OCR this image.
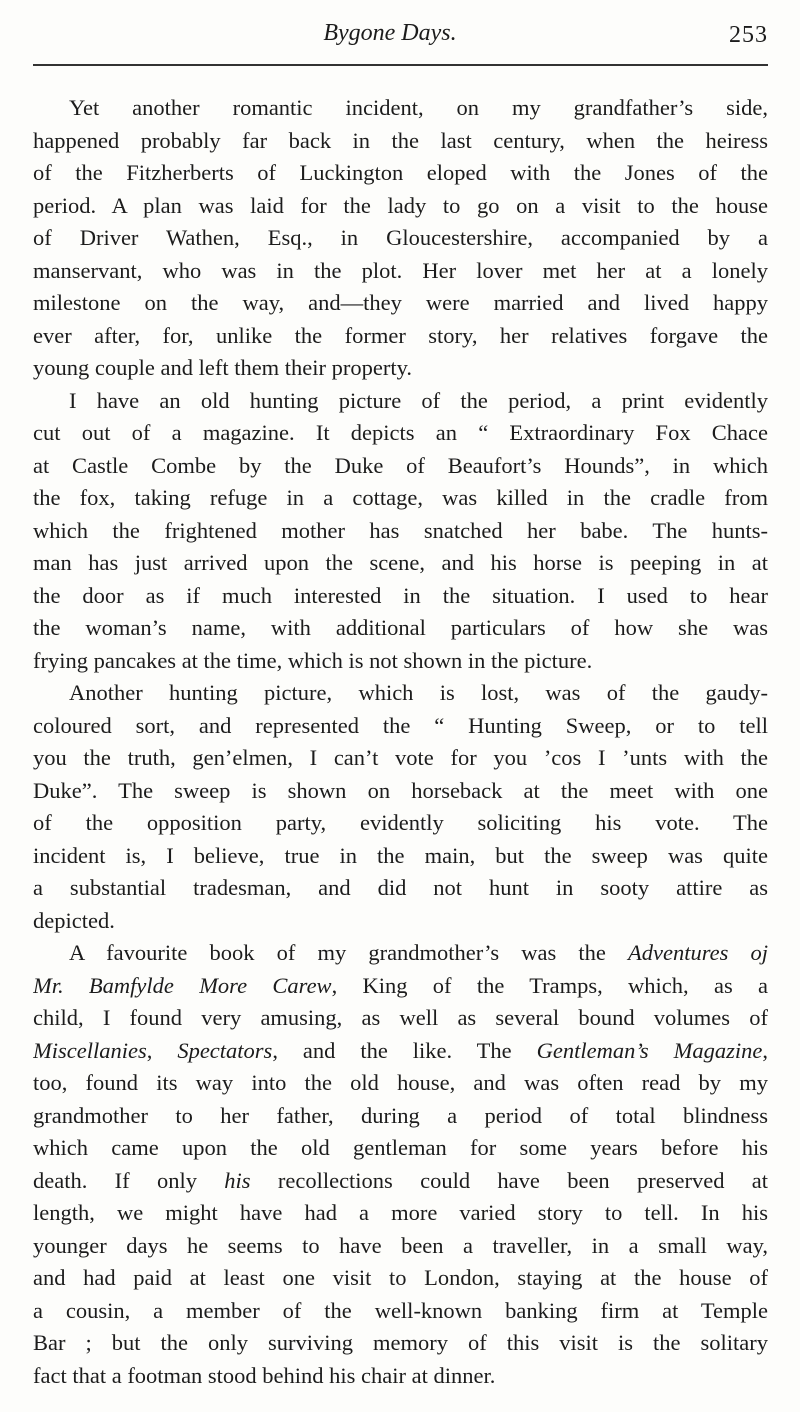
Bygone Days.	253
Yet another romantic incident, on my grandfather’s side,
happened probably far back in the last century, when the heiress
of the Fitzherberts of Luckington eloped with the Jones of the
period. A plan was laid for the lady to go on a visit to the house
of Driver Wathen, Esq., in Gloucestershire, accompanied by a
manservant, who was in the plot. Her lover met her at a lonely
milestone on the way, and—they were married and lived happy
ever after, for, unlike the former story, her relatives forgave the
young couple and left them their property.
I have an old hunting picture of the period, a print evidently
cut out of a magazine. It depicts an “ Extraordinary Fox Chace
at Castle Combe by the Duke of Beaufort’s Hounds”, in which
the fox, taking refuge in a cottage, was killed in the cradle from
which the frightened mother has snatched her babe. The hunts-
man has just arrived upon the scene, and his horse is peeping in at
the door as if much interested in the situation. I used to hear
the woman’s name, with additional particulars of how she was
frying pancakes at the time, which is not shown in the picture.
Another hunting picture, which is lost, was of the gaudy-
coloured sort, and represented the “ Hunting Sweep, or to tell
you the truth, gen’elmen, I can’t vote for you ’cos I ’unts with the
Duke”. The sweep is shown on horseback at the meet with one
of the opposition party, evidently soliciting his vote. The
incident is, I believe, true in the main, but the sweep was quite
a substantial tradesman, and did not hunt in sooty attire as
depicted.
A favourite book of my grandmother’s was the Adventures oj
Mr. Bamfylde More Carew, King of the Tramps, which, as a
child, I found very amusing, as well as several bound volumes of
Miscellanies, Spectators, and the like. The Gentleman’s Magazine,
too, found its way into the old house, and was often read by my
grandmother to her father, during a period of total blindness
which came upon the old gentleman for some years before his
death. If only his recollections could have been preserved at
length, we might have had a more varied story to tell. In his
younger days he seems to have been a traveller, in a small way,
and had paid at least one visit to London, staying at the house of
a cousin, a member of the well-known banking firm at Temple
Bar ; but the only surviving memory of this visit is the solitary
fact that a footman stood behind his chair at dinner.
